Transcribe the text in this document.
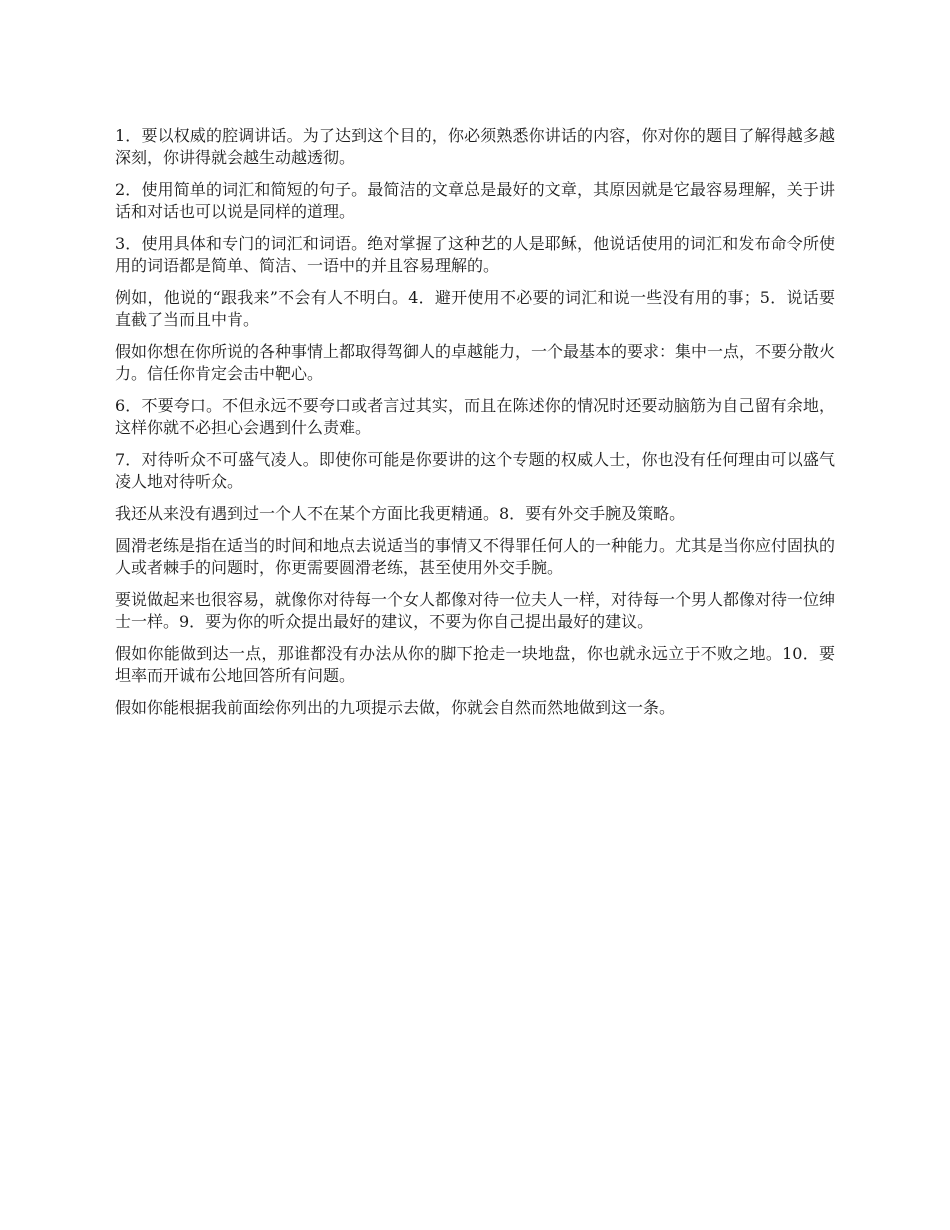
1．要以权威的腔调讲话。为了达到这个目的，你必须熟悉你讲话的内容，你对你的题目了解得越多越深刻，你讲得就会越生动越透彻。

2．使用简单的词汇和简短的句子。最简洁的文章总是最好的文章，其原因就是它最容易理解，关于讲话和对话也可以说是同样的道理。

3．使用具体和专门的词汇和词语。绝对掌握了这种艺的人是耶稣，他说话使用的词汇和发布命令所使用的词语都是简单、简洁、一语中的并且容易理解的。

例如，他说的“跟我来”不会有人不明白。4．避开使用不必要的词汇和说一些没有用的事；5．说话要直截了当而且中肯。

假如你想在你所说的各种事情上都取得驾御人的卓越能力，一个最基本的要求：集中一点，不要分散火力。信任你肯定会击中靶心。

6．不要夸口。不但永远不要夸口或者言过其实，而且在陈述你的情况时还要动脑筋为自己留有余地，这样你就不必担心会遇到什么责难。

7．对待听众不可盛气凌人。即使你可能是你要讲的这个专题的权威人士，你也没有任何理由可以盛气凌人地对待听众。

我还从来没有遇到过一个人不在某个方面比我更精通。8．要有外交手腕及策略。

圆滑老练是指在适当的时间和地点去说适当的事情又不得罪任何人的一种能力。尤其是当你应付固执的人或者棘手的问题时，你更需要圆滑老练，甚至使用外交手腕。

要说做起来也很容易，就像你对待每一个女人都像对待一位夫人一样，对待每一个男人都像对待一位绅士一样。9．要为你的听众提出最好的建议，不要为你自己提出最好的建议。

假如你能做到达一点，那谁都没有办法从你的脚下抢走一块地盘，你也就永远立于不败之地。10．要坦率而开诚布公地回答所有问题。

假如你能根据我前面绘你列出的九项提示去做，你就会自然而然地做到这一条。
